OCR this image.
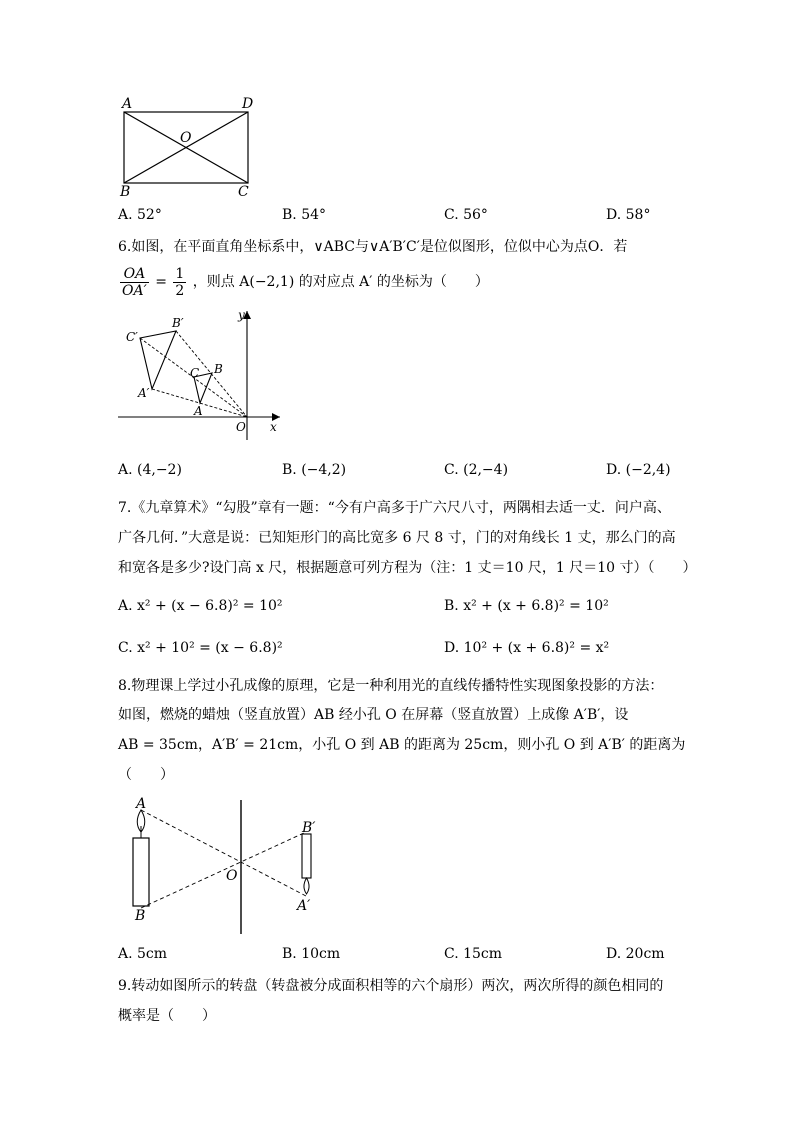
A	D
O
B	C
A. 52°	B. 54°	C. 56°	D. 58°
6.如图，在平面直角坐标系中，∨ABC与∨A′B′C′是位似图形，位似中心为点O．若
$\frac{OA}{OA'} = \frac{1}{2}$ ，则点 A(−2,1) 的对应点 A′ 的坐标为（　　）
C′
B′
A′
C B
A
O x
y
A. (4,−2)	B. (−4,2)	C. (2,−4)	D. (−2,4)
7.《九章算术》“勾股”章有一题：“今有户高多于广六尺八寸，两隅相去适一丈．问户高、
广各几何．”大意是说：已知矩形门的高比宽多 6 尺 8 寸，门的对角线长 1 丈，那么门的高
和宽各是多少?设门高 x 尺，根据题意可列方程为（注：1 丈＝10 尺，1 尺＝10 寸）（　　）
A. x² + (x − 6.8)² = 10²	B. x² + (x + 6.8)² = 10²
C. x² + 10² = (x − 6.8)²	D. 10² + (x + 6.8)² = x²
8.物理课上学过小孔成像的原理，它是一种利用光的直线传播特性实现图象投影的方法：
如图，燃烧的蜡烛（竖直放置）AB 经小孔 O 在屏幕（竖直放置）上成像 A′B′，设
AB = 35cm，A′B′ = 21cm，小孔 O 到 AB 的距离为 25cm，则小孔 O 到 A′B′ 的距离为
（　　）
A
B
O
B′
A′
A. 5cm	B. 10cm	C. 15cm	D. 20cm
9.转动如图所示的转盘（转盘被分成面积相等的六个扇形）两次，两次所得的颜色相同的
概率是（　　）
